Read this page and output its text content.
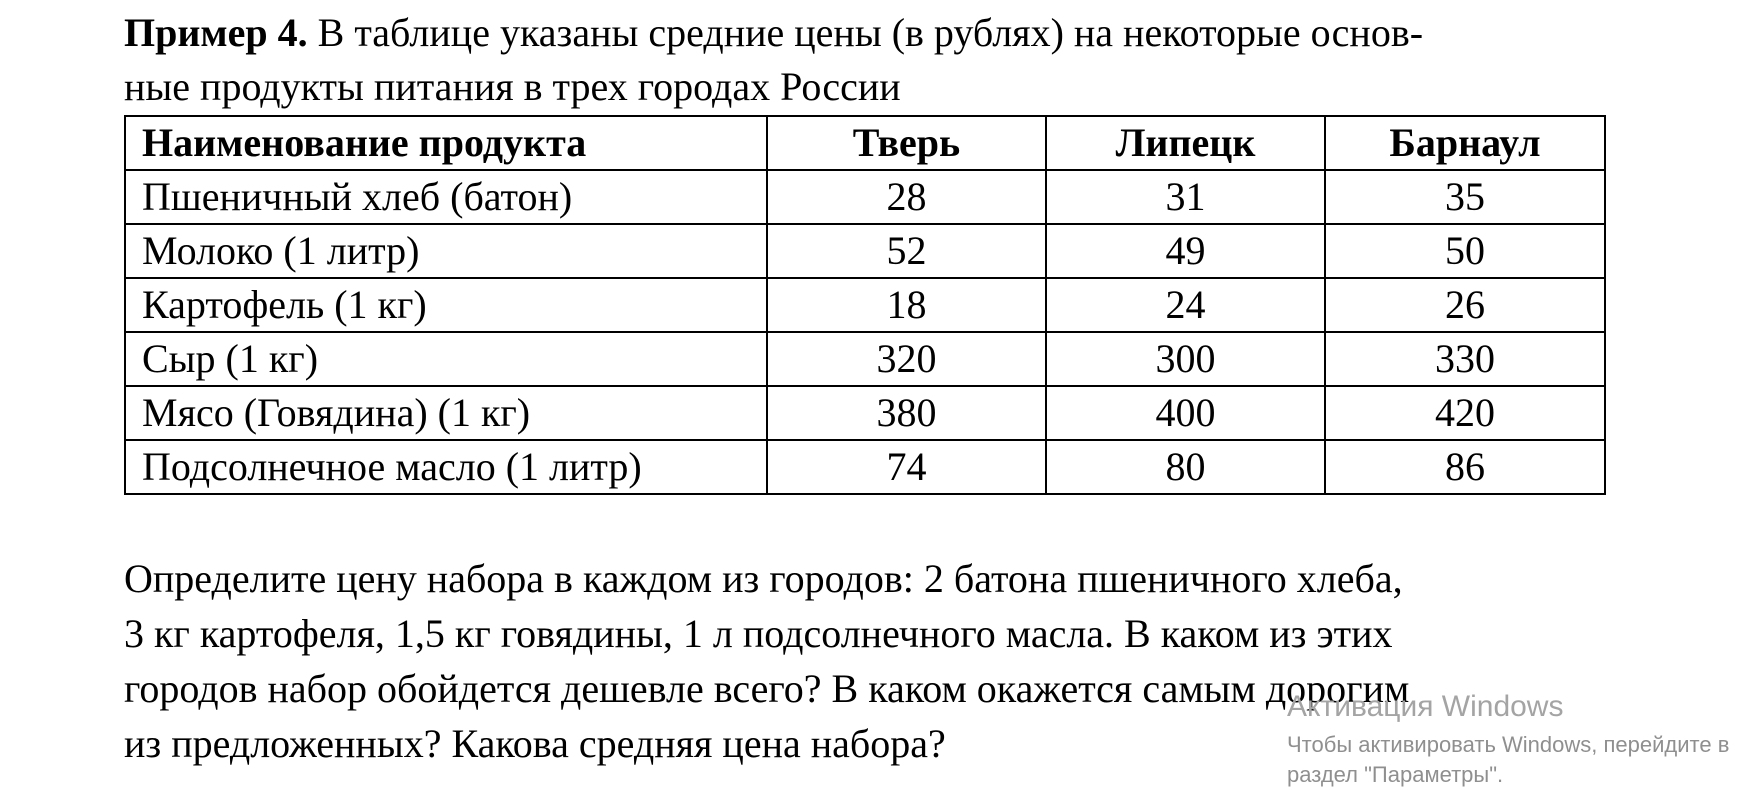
Пример 4. В таблице указаны средние цены (в рублях) на некоторые основ-
ные продукты питания в трех городах России

Наименование продукта	Тверь	Липецк	Барнаул
Пшеничный хлеб (батон)	28	31	35
Молоко (1 литр)	52	49	50
Картофель (1 кг)	18	24	26
Сыр (1 кг)	320	300	330
Мясо (Говядина) (1 кг)	380	400	420
Подсолнечное масло (1 литр)	74	80	86

Определите цену набора в каждом из городов: 2 батона пшеничного хлеба,
3 кг картофеля, 1,5 кг говядины, 1 л подсолнечного масла. В каком из этих
городов набор обойдется дешевле всего? В каком окажется самым дорогим
из предложенных? Какова средняя цена набора?

Активация Windows
Чтобы активировать Windows, перейдите в
раздел "Параметры".
